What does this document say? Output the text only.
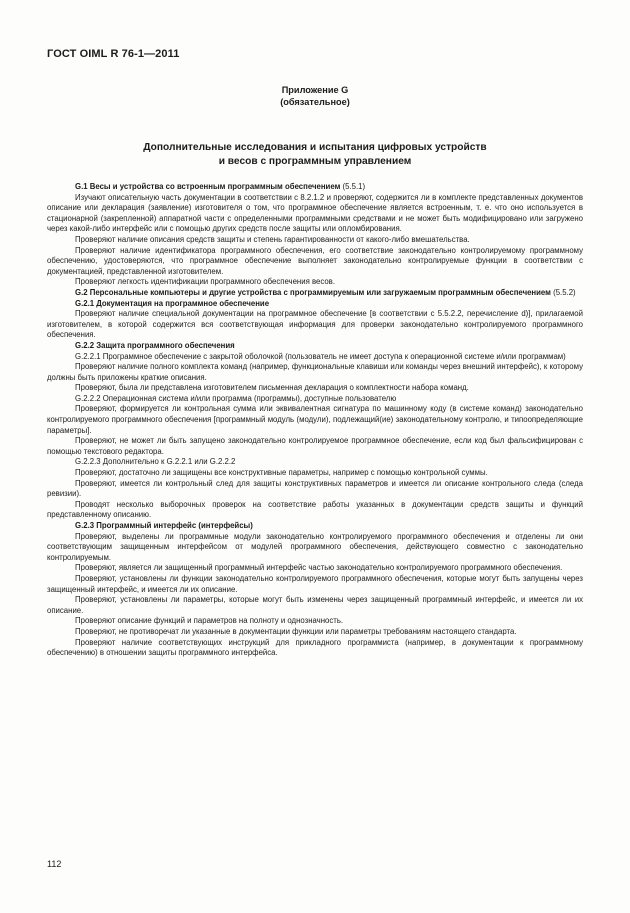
ГОСТ OIML R 76-1—2011
Приложение G
(обязательное)
Дополнительные исследования и испытания цифровых устройств
и весов с программным управлением

G.1 Весы и устройства со встроенным программным обеспечением (5.5.1)

Изучают описательную часть документации в соответствии с 8.2.1.2 и проверяют, содержится ли в комплекте представленных документов описание или декларация (заявление) изготовителя о том, что программное обеспечение является встроенным, т. е. что оно используется в стационарной (закрепленной) аппаратной части с определенными программными средствами и не может быть модифицировано или загружено через какой-либо интерфейс или с помощью других средств после защиты или опломбирования.

Проверяют наличие описания средств защиты и степень гарантированности от какого-либо вмешательства.

Проверяют наличие идентификатора программного обеспечения, его соответствие законодательно контролируемому программному обеспечению, удостоверяются, что программное обеспечение выполняет законодательно контролируемые функции в соответствии с документацией, представленной изготовителем.

Проверяют легкость идентификации программного обеспечения весов.

G.2 Персональные компьютеры и другие устройства с программируемым или загружаемым программным обеспечением (5.5.2)

G.2.1 Документация на программное обеспечение

Проверяют наличие специальной документации на программное обеспечение [в соответствии с 5.5.2.2, перечисление d)], прилагаемой изготовителем, в которой содержится вся соответствующая информация для проверки законодательно контролируемого программного обеспечения.

G.2.2 Защита программного обеспечения

G.2.2.1 Программное обеспечение с закрытой оболочкой (пользователь не имеет доступа к операционной системе и/или программам)

Проверяют наличие полного комплекта команд (например, функциональные клавиши или команды через внешний интерфейс), к которому должны быть приложены краткие описания.

Проверяют, была ли представлена изготовителем письменная декларация о комплектности набора команд.

G.2.2.2 Операционная система и/или программа (программы), доступные пользователю

Проверяют, формируется ли контрольная сумма или эквивалентная сигнатура по машинному коду (в системе команд) законодательно контролируемого программного обеспечения [программный модуль (модули), подлежащий(ие) законодательному контролю, и типоопределяющие параметры].

Проверяют, не может ли быть запущено законодательно контролируемое программное обеспечение, если код был фальсифицирован с помощью текстового редактора.

G.2.2.3 Дополнительно к G.2.2.1 или G.2.2.2

Проверяют, достаточно ли защищены все конструктивные параметры, например с помощью контрольной суммы.

Проверяют, имеется ли контрольный след для защиты конструктивных параметров и имеется ли описание контрольного следа (следа ревизии).

Проводят несколько выборочных проверок на соответствие работы указанных в документации средств защиты и функций представленному описанию.

G.2.3 Программный интерфейс (интерфейсы)

Проверяют, выделены ли программные модули законодательно контролируемого программного обеспечения и отделены ли они соответствующим защищенным интерфейсом от модулей программного обеспечения, действующего совместно с законодательно контролируемым.

Проверяют, является ли защищенный программный интерфейс частью законодательно контролируемого программного обеспечения.

Проверяют, установлены ли функции законодательно контролируемого программного обеспечения, которые могут быть запущены через защищенный интерфейс, и имеется ли их описание.

Проверяют, установлены ли параметры, которые могут быть изменены через защищенный программный интерфейс, и имеется ли их описание.

Проверяют описание функций и параметров на полноту и однозначность.

Проверяют, не противоречат ли указанные в документации функции или параметры требованиям настоящего стандарта.

Проверяют наличие соответствующих инструкций для прикладного программиста (например, в документации к программному обеспечению) в отношении защиты программного интерфейса.

112
